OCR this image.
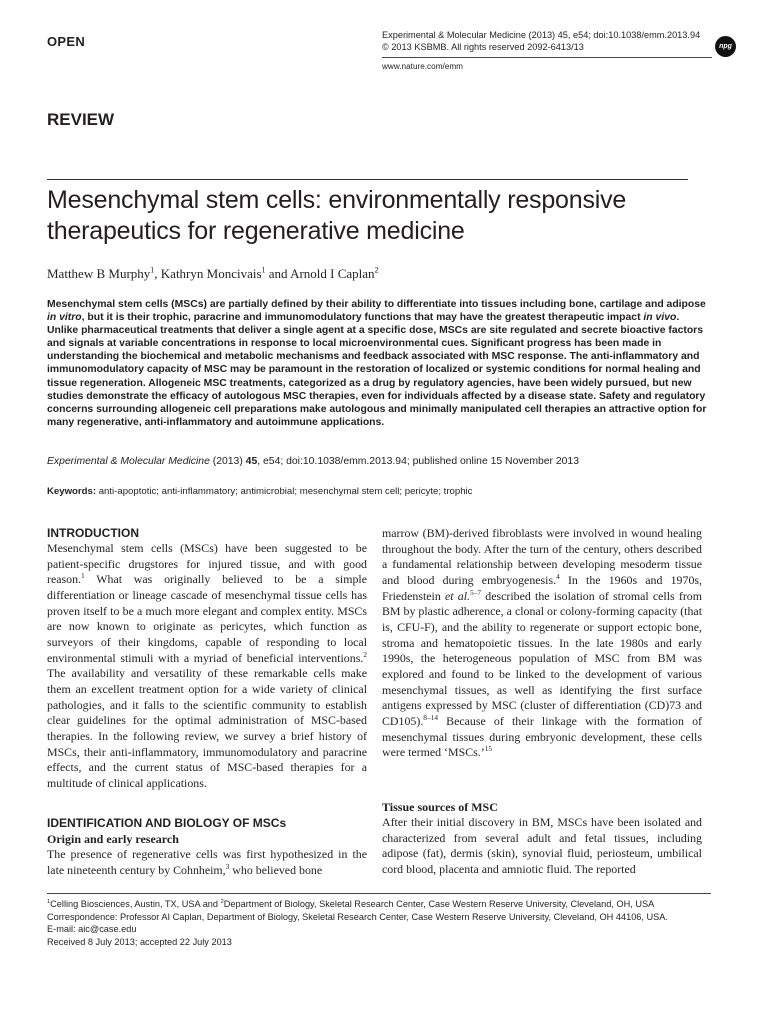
OPEN	Experimental & Molecular Medicine (2013) 45, e54; doi:10.1038/emm.2013.94
© 2013 KSBMB. All rights reserved 2092-6413/13
www.nature.com/emm
npg
REVIEW
Mesenchymal stem cells: environmentally responsive therapeutics for regenerative medicine
Matthew B Murphy$^1$, Kathryn Moncivais$^1$ and Arnold I Caplan$^2$
Mesenchymal stem cells (MSCs) are partially defined by their ability to differentiate into tissues including bone, cartilage and adipose in vitro, but it is their trophic, paracrine and immunomodulatory functions that may have the greatest therapeutic impact in vivo. Unlike pharmaceutical treatments that deliver a single agent at a specific dose, MSCs are site regulated and secrete bioactive factors and signals at variable concentrations in response to local microenvironmental cues. Significant progress has been made in understanding the biochemical and metabolic mechanisms and feedback associated with MSC response. The anti-inflammatory and immunomodulatory capacity of MSC may be paramount in the restoration of localized or systemic conditions for normal healing and tissue regeneration. Allogeneic MSC treatments, categorized as a drug by regulatory agencies, have been widely pursued, but new studies demonstrate the efficacy of autologous MSC therapies, even for individuals affected by a disease state. Safety and regulatory concerns surrounding allogeneic cell preparations make autologous and minimally manipulated cell therapies an attractive option for many regenerative, anti-inflammatory and autoimmune applications.
Experimental & Molecular Medicine (2013) 45, e54; doi:10.1038/emm.2013.94; published online 15 November 2013
Keywords: anti-apoptotic; anti-inflammatory; antimicrobial; mesenchymal stem cell; pericyte; trophic
INTRODUCTION

Mesenchymal stem cells (MSCs) have been suggested to be patient-specific drugstores for injured tissue, and with good reason.$^1$ What was originally believed to be a simple differentiation or lineage cascade of mesenchymal tissue cells has proven itself to be a much more elegant and complex entity. MSCs are now known to originate as pericytes, which function as surveyors of their kingdoms, capable of responding to local environmental stimuli with a myriad of beneficial interventions.$^2$ The availability and versatility of these remarkable cells make them an excellent treatment option for a wide variety of clinical pathologies, and it falls to the scientific community to establish clear guidelines for the optimal administration of MSC-based therapies. In the following review, we survey a brief history of MSCs, their anti-inflammatory, immunomodulatory and paracrine effects, and the current status of MSC-based therapies for a multitude of clinical applications.

IDENTIFICATION AND BIOLOGY OF MSCs
Origin and early research

The presence of regenerative cells was first hypothesized in the late nineteenth century by Cohnheim,$^3$ who believed bone

marrow (BM)-derived fibroblasts were involved in wound healing throughout the body. After the turn of the century, others described a fundamental relationship between developing mesoderm tissue and blood during embryogenesis.$^4$ In the 1960s and 1970s, Friedenstein et al.$^{5-7}$ described the isolation of stromal cells from BM by plastic adherence, a clonal or colony-forming capacity (that is, CFU-F), and the ability to regenerate or support ectopic bone, stroma and hematopoietic tissues. In the late 1980s and early 1990s, the heterogeneous population of MSC from BM was explored and found to be linked to the development of various mesenchymal tissues, as well as identifying the first surface antigens expressed by MSC (cluster of differentiation (CD)73 and CD105).$^{8-14}$ Because of their linkage with the formation of mesenchymal tissues during embryonic development, these cells were termed ‘MSCs.’$^{15}$

Tissue sources of MSC
After their initial discovery in BM, MSCs have been isolated and characterized from several adult and fetal tissues, including adipose (fat), dermis (skin), synovial fluid, periosteum, umbilical cord blood, placenta and amniotic fluid. The reported
$^1$Celling Biosciences, Austin, TX, USA and $^2$Department of Biology, Skeletal Research Center, Case Western Reserve University, Cleveland, OH, USA
Correspondence: Professor AI Caplan, Department of Biology, Skeletal Research Center, Case Western Reserve University, Cleveland, OH 44106, USA.
E-mail: aic@case.edu
Received 8 July 2013; accepted 22 July 2013
